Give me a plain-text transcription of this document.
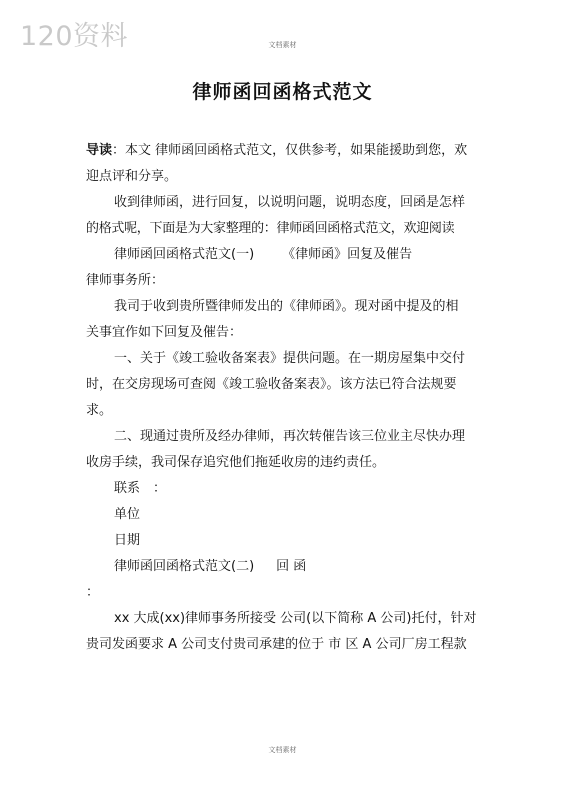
120资料	文档素材
律师函回函格式范文

导读：本文 律师函回函格式范文，仅供参考，如果能援助到您，欢

迎点评和分享。

收到律师函，进行回复，以说明问题，说明态度，回函是怎样

的格式呢，下面是为大家整理的：律师函回函格式范文，欢迎阅读

律师函回函格式范文(一) 《律师函》回复及催告

律师事务所：

我司于收到贵所暨律师发出的《律师函》。现对函中提及的相

关事宜作如下回复及催告：

一、关于《竣工验收备案表》提供问题。在一期房屋集中交付

时，在交房现场可查阅《竣工验收备案表》。该方法已符合法规要

求。

二、现通过贵所及经办律师，再次转催告该三位业主尽快办理

收房手续，我司保存追究他们拖延收房的违约责任。

联系　：

单位

日期

律师函回函格式范文(二) 回 函

：

xx 大成(xx)律师事务所接受 公司(以下简称 A 公司)托付，针对

贵司发函要求 A 公司支付贵司承建的位于 市 区 A 公司厂房工程款

文档素材
